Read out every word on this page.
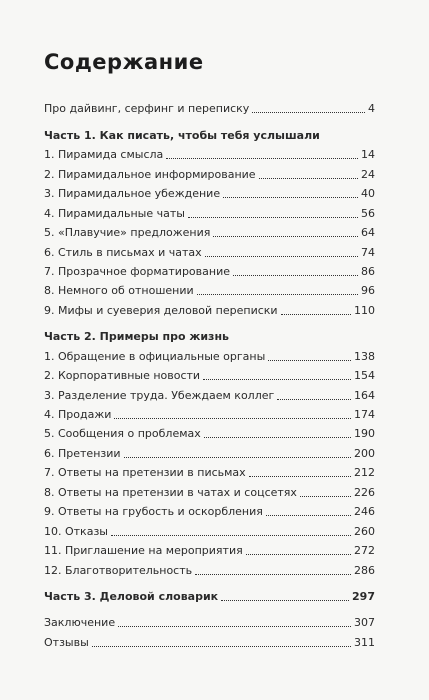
Содержание
Про дайвинг, серфинг и переписку	4
Часть 1. Как писать, чтобы тебя услышали
1. Пирамида смысла	14
2. Пирамидальное информирование	24
3. Пирамидальное убеждение	40
4. Пирамидальные чаты	56
5. «Плавучие» предложения	64
6. Стиль в письмах и чатах	74
7. Прозрачное форматирование	86
8. Немного об отношении	96
9. Мифы и суеверия деловой переписки	110
Часть 2. Примеры про жизнь
1. Обращение в официальные органы	138
2. Корпоративные новости	154
3. Разделение труда. Убеждаем коллег	164
4. Продажи	174
5. Сообщения о проблемах	190
6. Претензии	200
7. Ответы на претензии в письмах	212
8. Ответы на претензии в чатах и соцсетях	226
9. Ответы на грубость и оскорбления	246
10. Отказы	260
11. Приглашение на мероприятия	272
12. Благотворительность	286
Часть 3. Деловой словарик	297
Заключение	307
Отзывы	311
